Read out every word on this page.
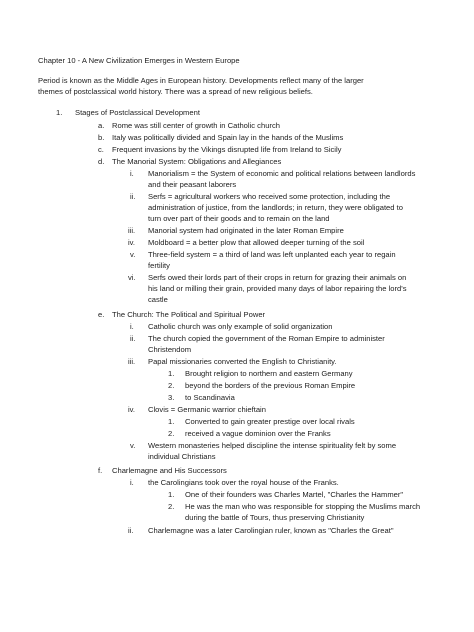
Chapter 10 - A New Civilization Emerges in Western Europe
Period is known as the Middle Ages in European history. Developments reflect many of the larger
themes of postclassical world history. There was a spread of new religious beliefs.
1. Stages of Postclassical Development
a. Rome was still center of growth in Catholic church
b. Italy was politically divided and Spain lay in the hands of the Muslims
c. Frequent invasions by the Vikings disrupted life from Ireland to Sicily
d. The Manorial System: Obligations and Allegiances
i. Manorialism = the System of economic and political relations between landlords
and their peasant laborers
ii. Serfs = agricultural workers who received some protection, including the
administration of justice, from the landlords; in return, they were obligated to
turn over part of their goods and to remain on the land
iii. Manorial system had originated in the later Roman Empire
iv. Moldboard = a better plow that allowed deeper turning of the soil
v. Three-field system = a third of land was left unplanted each year to regain
fertility
vi. Serfs owed their lords part of their crops in return for grazing their animals on
his land or milling their grain, provided many days of labor repairing the lord's
castle
e. The Church: The Political and Spiritual Power
i. Catholic church was only example of solid organization
ii. The church copied the government of the Roman Empire to administer
Christendom
iii. Papal missionaries converted the English to Christianity.
1. Brought religion to northern and eastern Germany
2. beyond the borders of the previous Roman Empire
3. to Scandinavia
iv. Clovis = Germanic warrior chieftain
1. Converted to gain greater prestige over local rivals
2. received a vague dominion over the Franks
v. Western monasteries helped discipline the intense spirituality felt by some
individual Christians
f. Charlemagne and His Successors
i. the Carolingians took over the royal house of the Franks.
1. One of their founders was Charles Martel, "Charles the Hammer"
2. He was the man who was responsible for stopping the Muslims march
during the battle of Tours, thus preserving Christianity
ii. Charlemagne was a later Carolingian ruler, known as "Charles the Great"
